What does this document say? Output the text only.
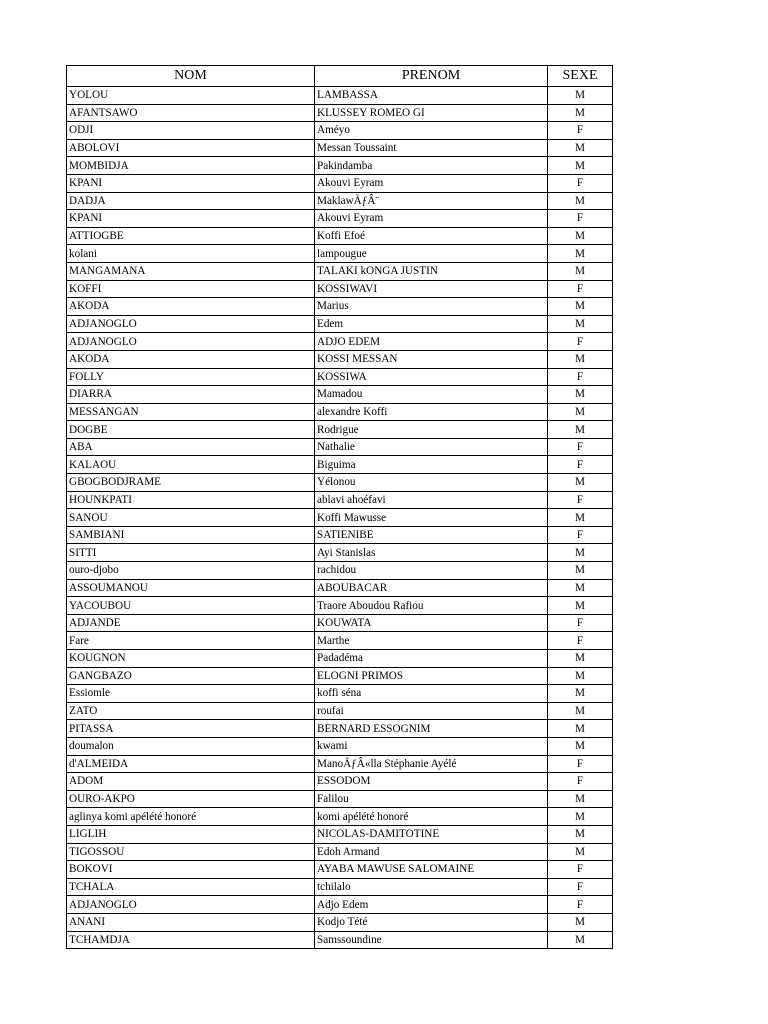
NOM	PRENOM	SEXE
YOLOU	LAMBASSA	M
AFANTSAWO	KLUSSEY ROMEO GI	M
ODJI	Améyo	F
ABOLOVI	Messan Toussaint	M
MOMBIDJA	Pakindamba	M
KPANI	Akouvi Eyram	F
DADJA	MaklawÃƒÂ¨	M
KPANI	Akouvi Eyram	F
ATTIOGBE	Koffi Efoé	M
kolani	lampougue	M
MANGAMANA	TALAKI kONGA JUSTIN	M
KOFFI	KOSSIWAVI	F
AKODA	Marius	M
ADJANOGLO	Edem	M
ADJANOGLO	ADJO EDEM	F
AKODA	KOSSI MESSAN	M
FOLLY	KOSSIWA	F
DIARRA	Mamadou	M
MESSANGAN	alexandre Koffi	M
DOGBE	Rodrigue	M
ABA	Nathalie	F
KALAOU	Biguima	F
GBOGBODJRAME	Yélonou	M
HOUNKPATI	ablavi ahoéfavi	F
SANOU	Koffi Mawusse	M
SAMBIANI	SATIENIBE	F
SITTI	Ayi Stanislas	M
ouro-djobo	rachidou	M
ASSOUMANOU	ABOUBACAR	M
YACOUBOU	Traore Aboudou Rafiou	M
ADJANDE	KOUWATA	F
Fare	Marthe	F
KOUGNON	Padadéma	M
GANGBAZO	ELOGNI PRIMOS	M
Essiomle	koffi séna	M
ZATO	roufai	M
PITASSA	BERNARD ESSOGNIM	M
doumalon	kwami	M
d'ALMEIDA	ManoÃƒÂ«lla Stéphanie Ayélé	F
ADOM	ESSODOM	F
OURO-AKPO	Falilou	M
aglinya komi apélété honoré	komi apélété honoré	M
LIGLIH	NICOLAS-DAMITOTINE	M
TIGOSSOU	Edoh Armand	M
BOKOVI	AYABA MAWUSE SALOMAINE	F
TCHALA	tchilalo	F
ADJANOGLO	Adjo Edem	F
ANANI	Kodjo Tété	M
TCHAMDJA	Samssoundine	M
